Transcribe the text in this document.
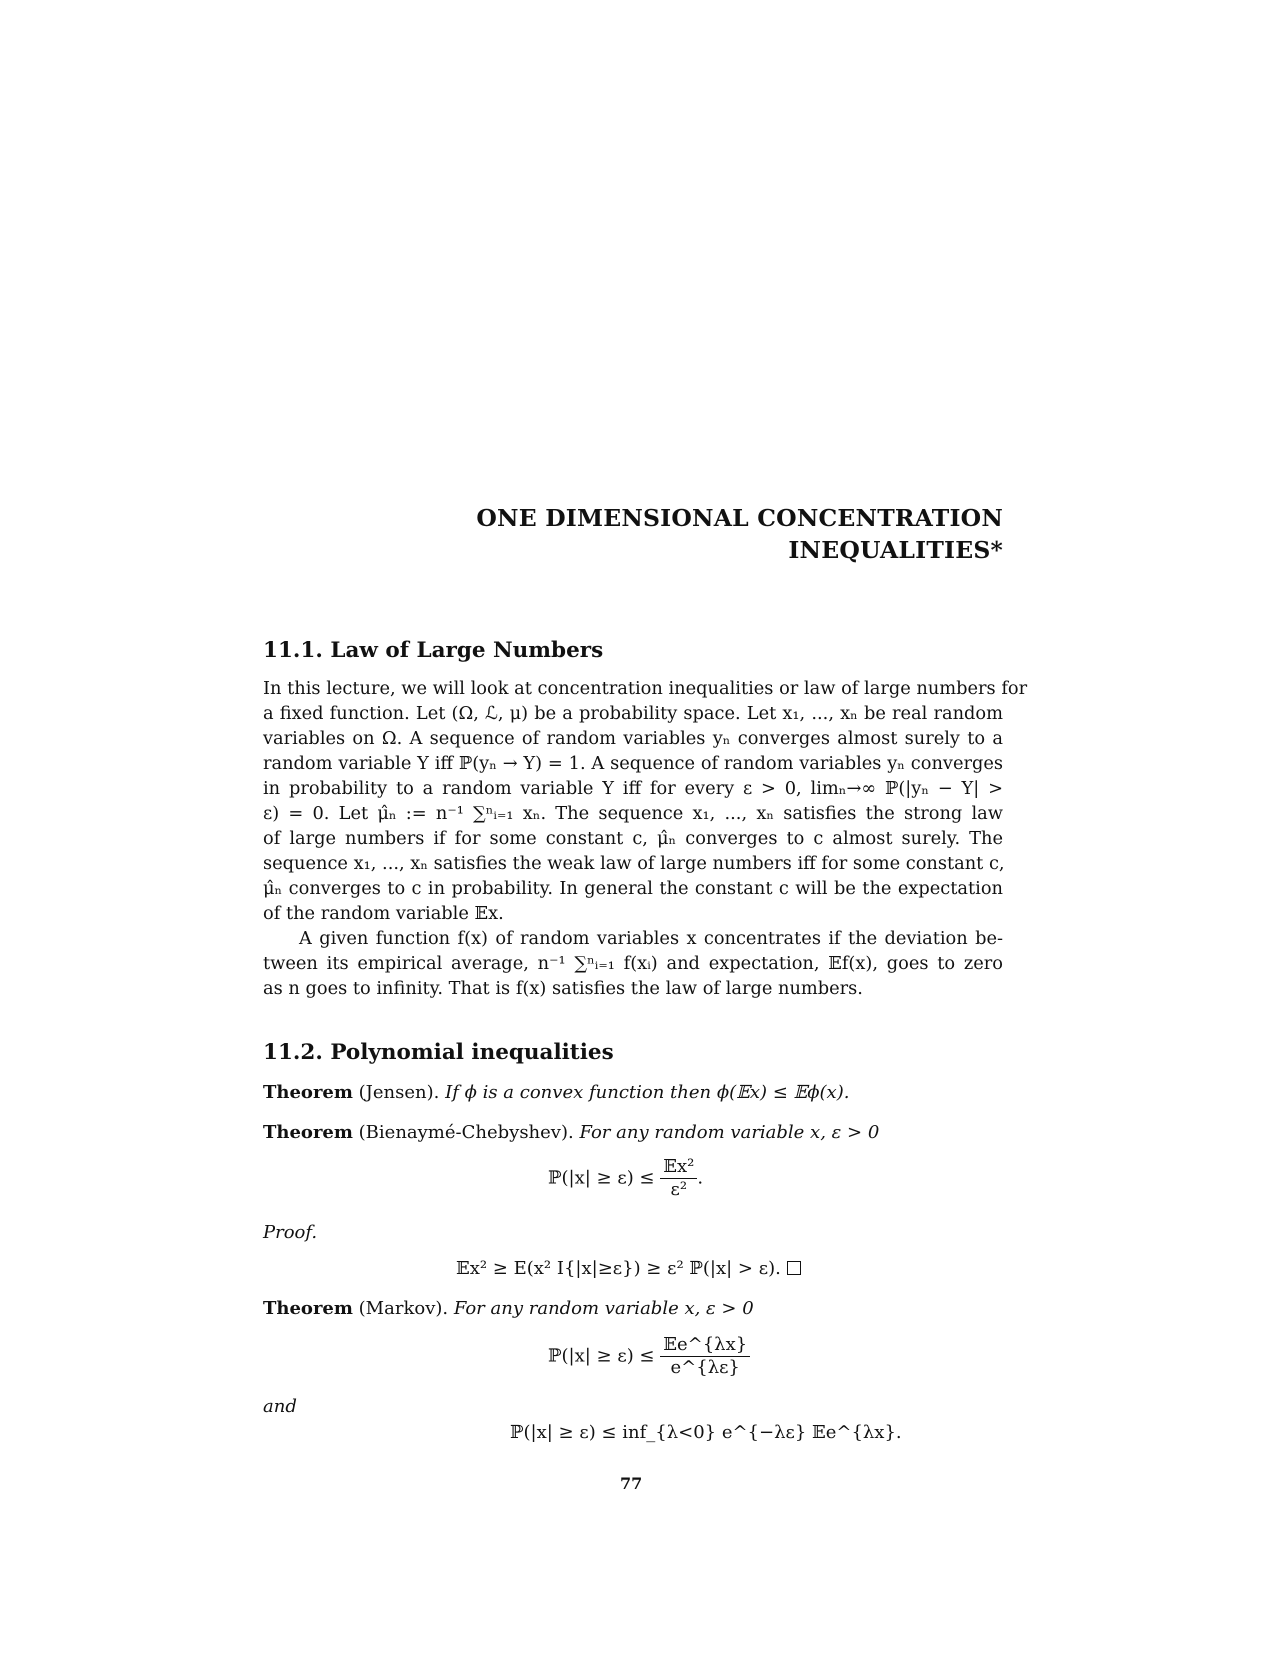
ONE DIMENSIONAL CONCENTRATION
INEQUALITIES*
11.1. Law of Large Numbers
In this lecture, we will look at concentration inequalities or law of large numbers for
a fixed function. Let (Ω, ℒ, μ) be a probability space. Let x₁, ..., xₙ be real random
variables on Ω. A sequence of random variables yₙ converges almost surely to a
random variable Y iff ℙ(yₙ → Y) = 1. A sequence of random variables yₙ converges
in probability to a random variable Y iff for every ε > 0, limₙ→∞ ℙ(|yₙ − Y| >
ε) = 0. Let μ̂ₙ := n⁻¹ ∑ⁿᵢ₌₁ xₙ. The sequence x₁, ..., xₙ satisfies the strong law
of large numbers if for some constant c, μ̂ₙ converges to c almost surely. The
sequence x₁, ..., xₙ satisfies the weak law of large numbers iff for some constant c,
μ̂ₙ converges to c in probability. In general the constant c will be the expectation
of the random variable 𝔼x.
A given function f(x) of random variables x concentrates if the deviation be-
tween its empirical average, n⁻¹ ∑ⁿᵢ₌₁ f(xᵢ) and expectation, 𝔼f(x), goes to zero
as n goes to infinity. That is f(x) satisfies the law of large numbers.
11.2. Polynomial inequalities
Theorem (Jensen). If ϕ is a convex function then ϕ(𝔼x) ≤ 𝔼ϕ(x).
Theorem (Bienaymé-Chebyshev). For any random variable x, ε > 0
ℙ(|x| ≥ $\varepsilon) \le \frac{\text{𝔼x²}}{\text{ε²}}$ .
Proof.
𝔼x² ≥ E(x² I{|x|≥ε}) ≥ ε² ℙ(|x| > ε).
Theorem (Markov). For any random variable x, ε > 0
ℙ(|x| ≥ $\varepsilon) \le \frac{\text{𝔼e\textasciicircum{}\{λx\}}}{e\^{}\{\lambda\varepsilon\}}$
and
ℙ(|x| ≥ ε) ≤ inf_{λ<0} e^{−λε} 𝔼e^{λx}.
77
